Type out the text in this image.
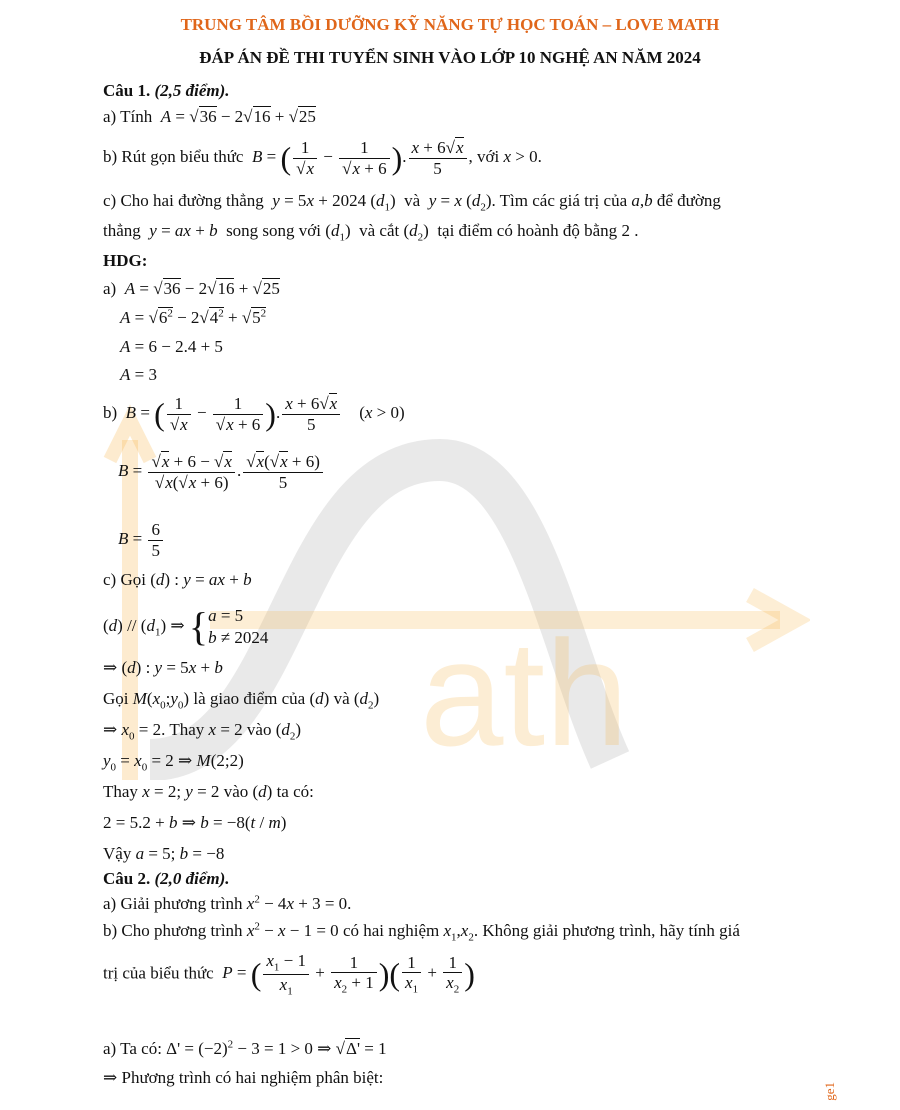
ath
TRUNG TÂM BỒI DƯỠNG KỸ NĂNG TỰ HỌC TOÁN – LOVE MATH
ĐÁP ÁN ĐỀ THI TUYỂN SINH VÀO LỚP 10 NGHỆ AN NĂM 2024
Câu 1. (2,5 điểm).
a) Tính A = √36 − 2√16 + √25
b) Rút gọn biểu thức B = ( $\frac{1}{√x} - \frac{1}{√x + 6}$ ). $\frac{x + 6√x}{5}$ , với x > 0.
c) Cho hai đường thẳng y = 5x + 2024 $(d_1)$ và y = x $(d_2)$. Tìm các giá trị của a,b để đường
thẳng y = ax + b song song với $(d_1)$ và cắt $(d_2)$ tại điểm có hoành độ bằng 2 .
HDG:
a) A = √36 − 2√16 + √25
$A = √6^2 - 2√4^2 + √5^2$
A = 6 − 2.4 + 5
A = 3
b) B = ( $\frac{1}{√x} - \frac{1}{√x + 6}$ ). $\frac{x + 6√x}{5} (x > 0)$
$B = \frac{√x + 6 - √x}{√x(√x + 6)}$ . $\frac{√x(√x + 6)}{5}$
$B = \frac{6}{5}$
c) Gọi (d) : y = ax + b
$(d) // (d_1)$ ⇒ { a = 5
b ≠ 2024
⇒ (d) : y = 5x + b
Gọi $M(x_0;y_0)$ là giao điểm của (d) và $(d_2)$
⇒ $x_0 = 2$. Thay x = 2 vào $(d_2)$
$y_0 = x_0 = 2$ ⇒ M(2;2)
Thay x = 2; y = 2 vào (d) ta có:
2 = 5.2 + b ⇒ b = −8(t / m)
Vậy a = 5; b = −8
Câu 2. (2,0 điểm).
a) Giải phương trình $x^2 - 4x + 3 = 0$.
b) Cho phương trình $x^2 - x - 1 = 0$ có hai nghiệm $x_1,x_2$. Không giải phương trình, hãy tính giá
trị của biểu thức P = ( $\frac{x_1 - 1}{x_1} + \frac{1}{x_2 + 1}$ )( $\frac{1}{x_1} + \frac{1}{x_2}$ )
a) Ta có: $\Delta' = (-2)^2 - 3 = 1 > 0$ ⇒ √Δ' = 1
⇒ Phương trình có hai nghiệm phân biệt:
ge1
